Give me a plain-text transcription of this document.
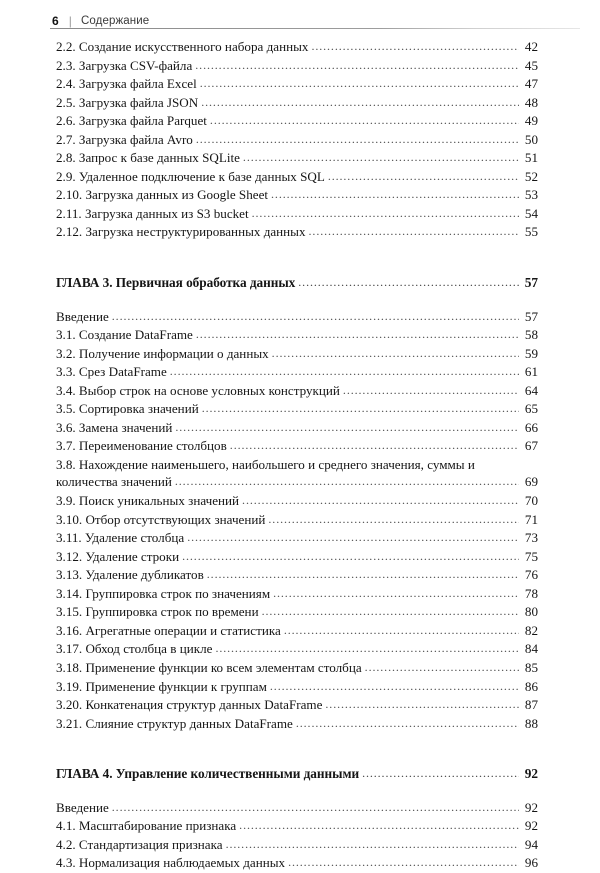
6 | Содержание
2.2. Создание искусственного набора данных .....	42
2.3. Загрузка CSV-файла .....	45
2.4. Загрузка файла Excel .....	47
2.5. Загрузка файла JSON .....	48
2.6. Загрузка файла Parquet .....	49
2.7. Загрузка файла Avro .....	50
2.8. Запрос к базе данных SQLite .....	51
2.9. Удаленное подключение к базе данных SQL .....	52
2.10. Загрузка данных из Google Sheet .....	53
2.11. Загрузка данных из S3 bucket .....	54
2.12. Загрузка неструктурированных данных .....	55
ГЛАВА 3. Первичная обработка данных .....	57
Введение .....	57
3.1. Создание DataFrame .....	58
3.2. Получение информации о данных .....	59
3.3. Срез DataFrame .....	61
3.4. Выбор строк на основе условных конструкций .....	64
3.5. Сортировка значений .....	65
3.6. Замена значений .....	66
3.7. Переименование столбцов .....	67
3.8. Нахождение наименьшего, наибольшего и среднего значения, суммы и
количества значений .....	69
3.9. Поиск уникальных значений .....	70
3.10. Отбор отсутствующих значений .....	71
3.11. Удаление столбца .....	73
3.12. Удаление строки .....	75
3.13. Удаление дубликатов .....	76
3.14. Группировка строк по значениям .....	78
3.15. Группировка строк по времени .....	80
3.16. Агрегатные операции и статистика .....	82
3.17. Обход столбца в цикле .....	84
3.18. Применение функции ко всем элементам столбца .....	85
3.19. Применение функции к группам .....	86
3.20. Конкатенация структур данных DataFrame .....	87
3.21. Слияние структур данных DataFrame .....	88
ГЛАВА 4. Управление количественными данными .....	92
Введение .....	92
4.1. Масштабирование признака .....	92
4.2. Стандартизация признака .....	94
4.3. Нормализация наблюдаемых данных .....	96
